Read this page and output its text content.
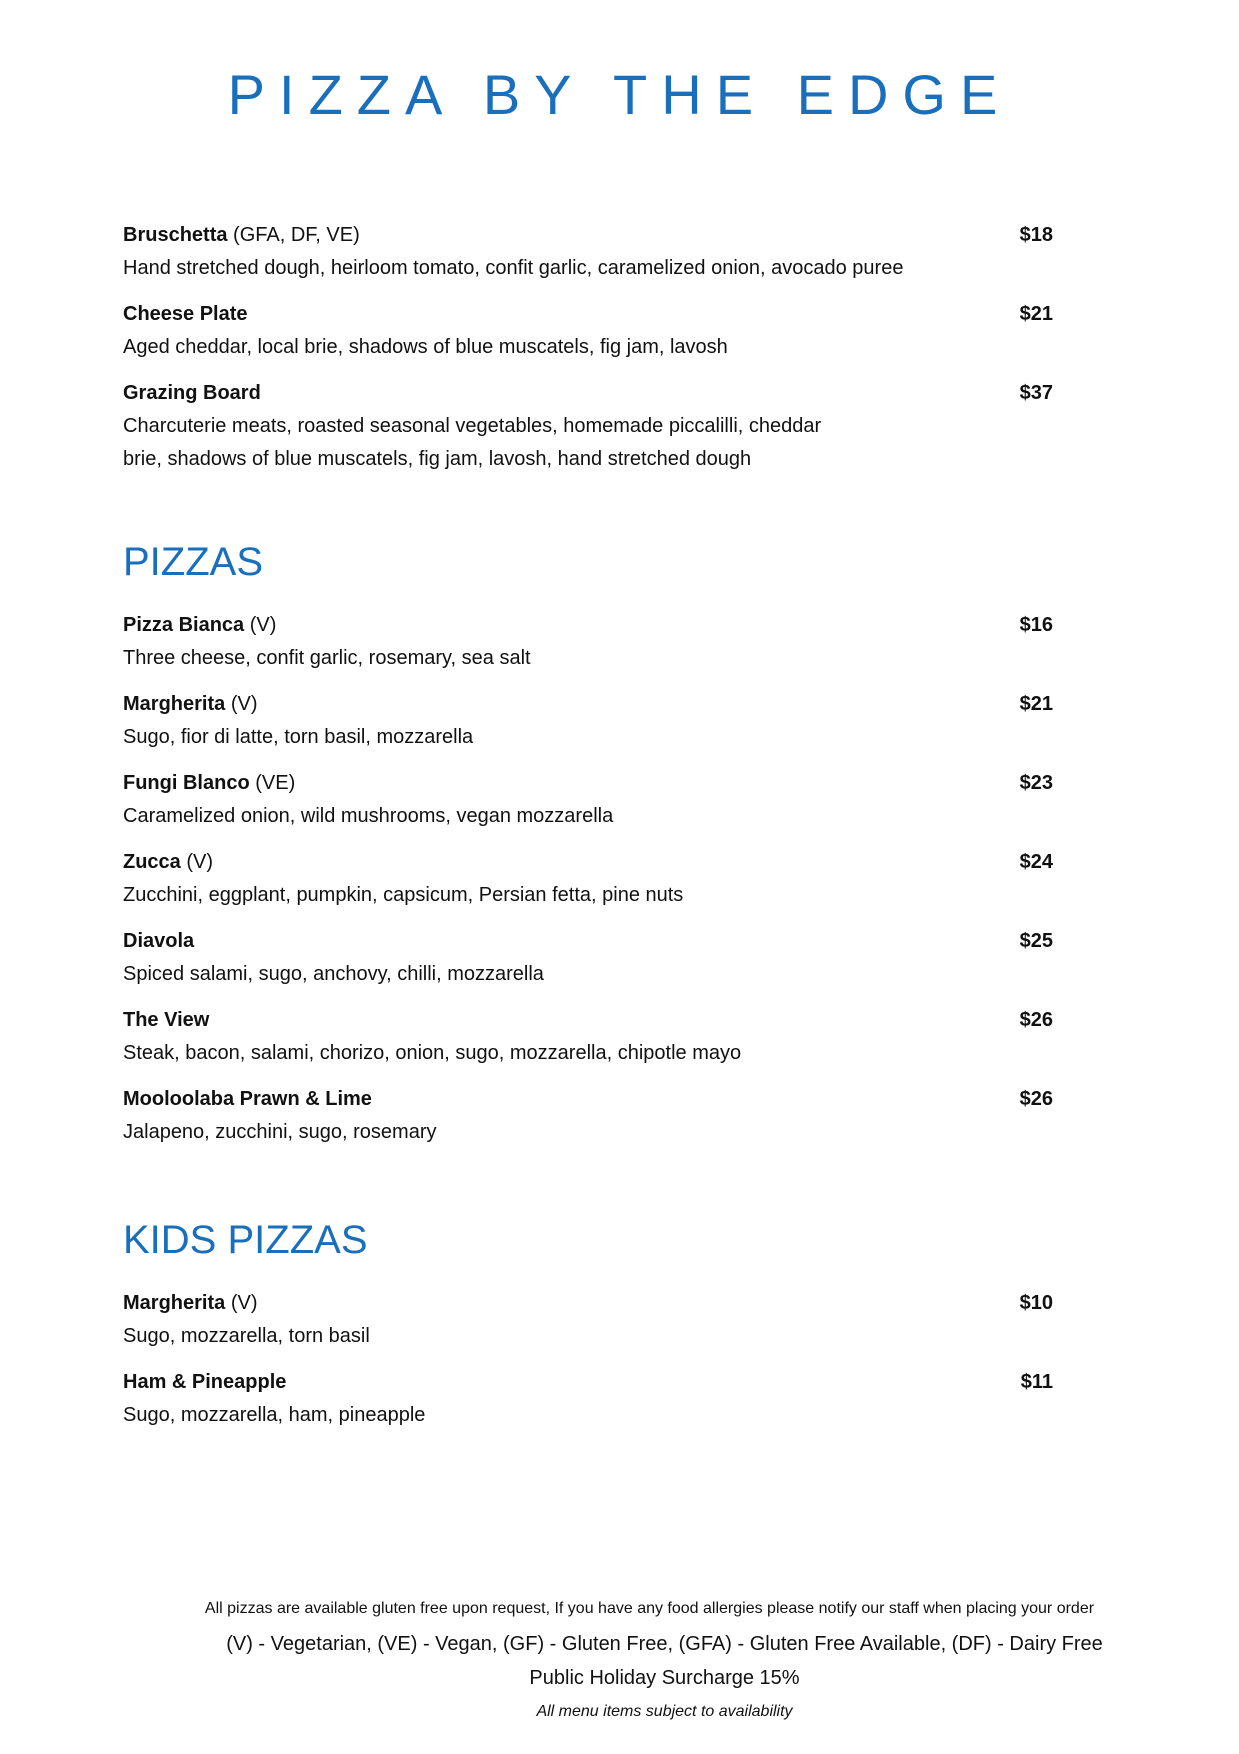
PIZZA BY THE EDGE
Bruschetta (GFA, DF, VE)	$18
Hand stretched dough, heirloom tomato, confit garlic, caramelized onion, avocado puree
Cheese Plate	$21
Aged cheddar, local brie, shadows of blue muscatels, fig jam, lavosh
Grazing Board	$37
Charcuterie meats, roasted seasonal vegetables, homemade piccalilli, cheddar
brie, shadows of blue muscatels, fig jam, lavosh, hand stretched dough
PIZZAS
Pizza Bianca (V)	$16
Three cheese, confit garlic, rosemary, sea salt
Margherita (V)	$21
Sugo, fior di latte, torn basil, mozzarella
Fungi Blanco (VE)	$23
Caramelized onion, wild mushrooms, vegan mozzarella
Zucca (V)	$24
Zucchini, eggplant, pumpkin, capsicum, Persian fetta, pine nuts
Diavola	$25
Spiced salami, sugo, anchovy, chilli, mozzarella
The View	$26
Steak, bacon, salami, chorizo, onion, sugo, mozzarella, chipotle mayo
Mooloolaba Prawn & Lime	$26
Jalapeno, zucchini, sugo, rosemary
KIDS PIZZAS
Margherita (V)	$10
Sugo, mozzarella, torn basil
Ham & Pineapple	$11
Sugo, mozzarella, ham, pineapple
All pizzas are available gluten free upon request, If you have any food allergies please notify our staff when placing your order
(V) - Vegetarian, (VE) - Vegan, (GF) - Gluten Free, (GFA) - Gluten Free Available, (DF) - Dairy Free
Public Holiday Surcharge 15%
All menu items subject to availability
